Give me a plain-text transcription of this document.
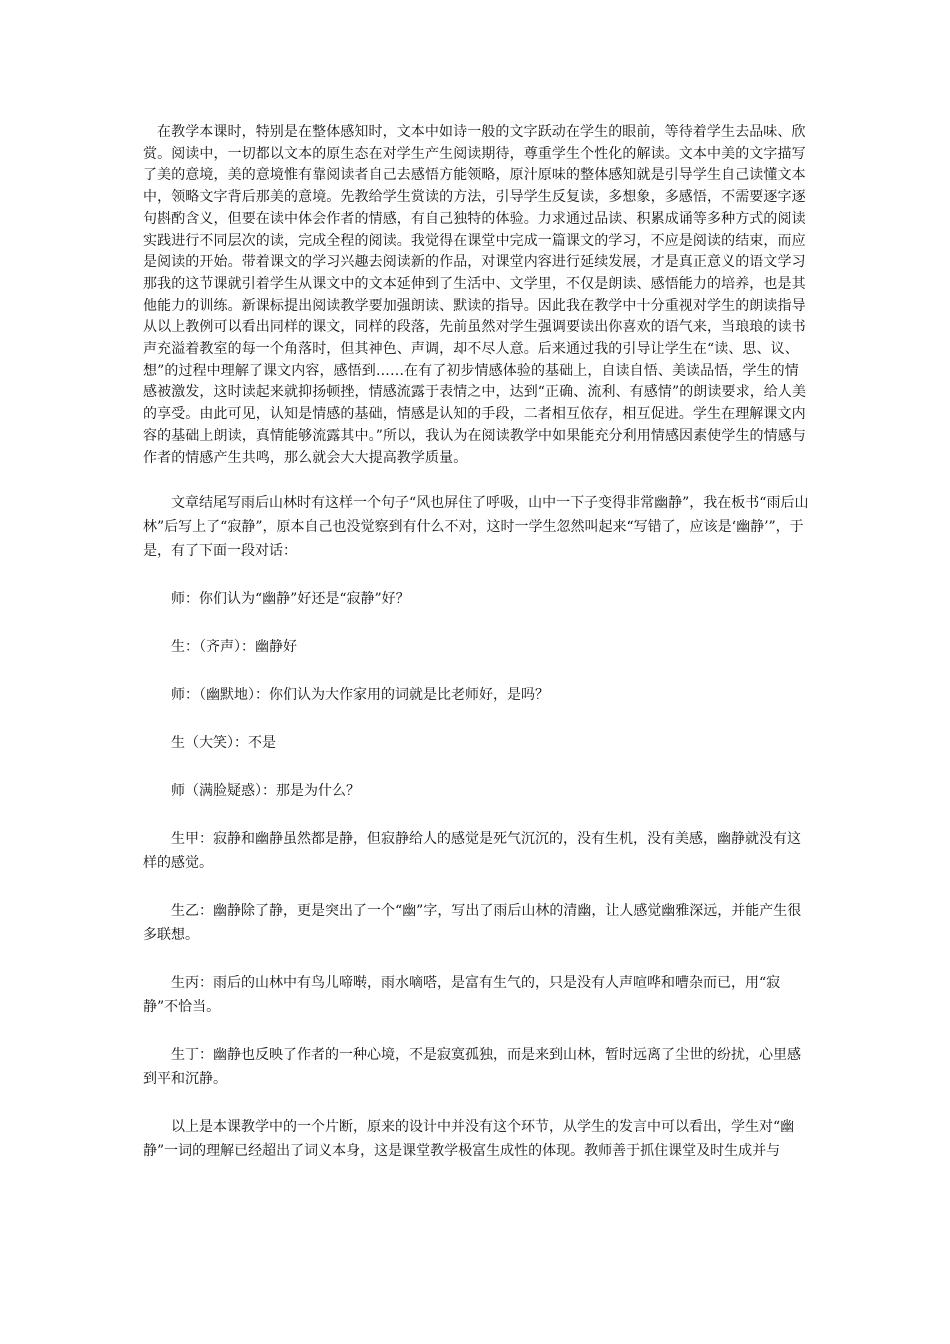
在教学本课时，特别是在整体感知时，文本中如诗一般的文字跃动在学生的眼前，等待着学生去品味、欣赏。阅读中，一切都以文本的原生态在对学生产生阅读期待，尊重学生个性化的解读。文本中美的文字描写了美的意境，美的意境惟有靠阅读者自己去感悟方能领略，原汁原味的整体感知就是引导学生自己读懂文本中，领略文字背后那美的意境。先教给学生赏读的方法，引导学生反复读，多想象，多感悟，不需要逐字逐句斟酌含义，但要在读中体会作者的情感，有自己独特的体验。力求通过品读、积累成诵等多种方式的阅读实践进行不同层次的读，完成全程的阅读。我觉得在课堂中完成一篇课文的学习，不应是阅读的结束，而应是阅读的开始。带着课文的学习兴趣去阅读新的作品，对课堂内容进行延续发展，才是真正意义的语文学习那我的这节课就引着学生从课文中的文本延伸到了生活中、文学里，不仅是朗读、感悟能力的培养，也是其他能力的训练。新课标提出阅读教学要加强朗读、默读的指导。因此我在教学中十分重视对学生的朗读指导从以上教例可以看出同样的课文，同样的段落，先前虽然对学生强调要读出你喜欢的语气来，当琅琅的读书声充溢着教室的每一个角落时，但其神色、声调，却不尽人意。后来通过我的引导让学生在“读、思、议、想”的过程中理解了课文内容，感悟到……在有了初步情感体验的基础上，自读自悟、美读品悟，学生的情感被激发，这时读起来就抑扬顿挫，情感流露于表情之中，达到“正确、流利、有感情”的朗读要求，给人美的享受。由此可见，认知是情感的基础，情感是认知的手段，二者相互依存，相互促进。学生在理解课文内容的基础上朗读，真情能够流露其中。”所以，我认为在阅读教学中如果能充分利用情感因素使学生的情感与作者的情感产生共鸣，那么就会大大提高教学质量。

文章结尾写雨后山林时有这样一个句子“风也屏住了呼吸，山中一下子变得非常幽静”，我在板书“雨后山林”后写上了“寂静”，原本自己也没觉察到有什么不对，这时一学生忽然叫起来“写错了，应该是‘幽静’”，于是，有了下面一段对话：

师：你们认为“幽静”好还是“寂静”好？

生：（齐声）：幽静好

师：（幽默地）：你们认为大作家用的词就是比老师好，是吗？

生（大笑）：不是

师（满脸疑惑）：那是为什么？

生甲：寂静和幽静虽然都是静，但寂静给人的感觉是死气沉沉的，没有生机，没有美感，幽静就没有这样的感觉。

生乙：幽静除了静，更是突出了一个“幽”字，写出了雨后山林的清幽，让人感觉幽雅深远，并能产生很多联想。

生丙：雨后的山林中有鸟儿啼啭，雨水嘀嗒，是富有生气的，只是没有人声喧哗和嘈杂而已，用“寂静”不恰当。

生丁：幽静也反映了作者的一种心境，不是寂寞孤独，而是来到山林，暂时远离了尘世的纷扰，心里感到平和沉静。

以上是本课教学中的一个片断，原来的设计中并没有这个环节，从学生的发言中可以看出，学生对“幽静”一词的理解已经超出了词义本身，这是课堂教学极富生成性的体现。教师善于抓住课堂及时生成并与
